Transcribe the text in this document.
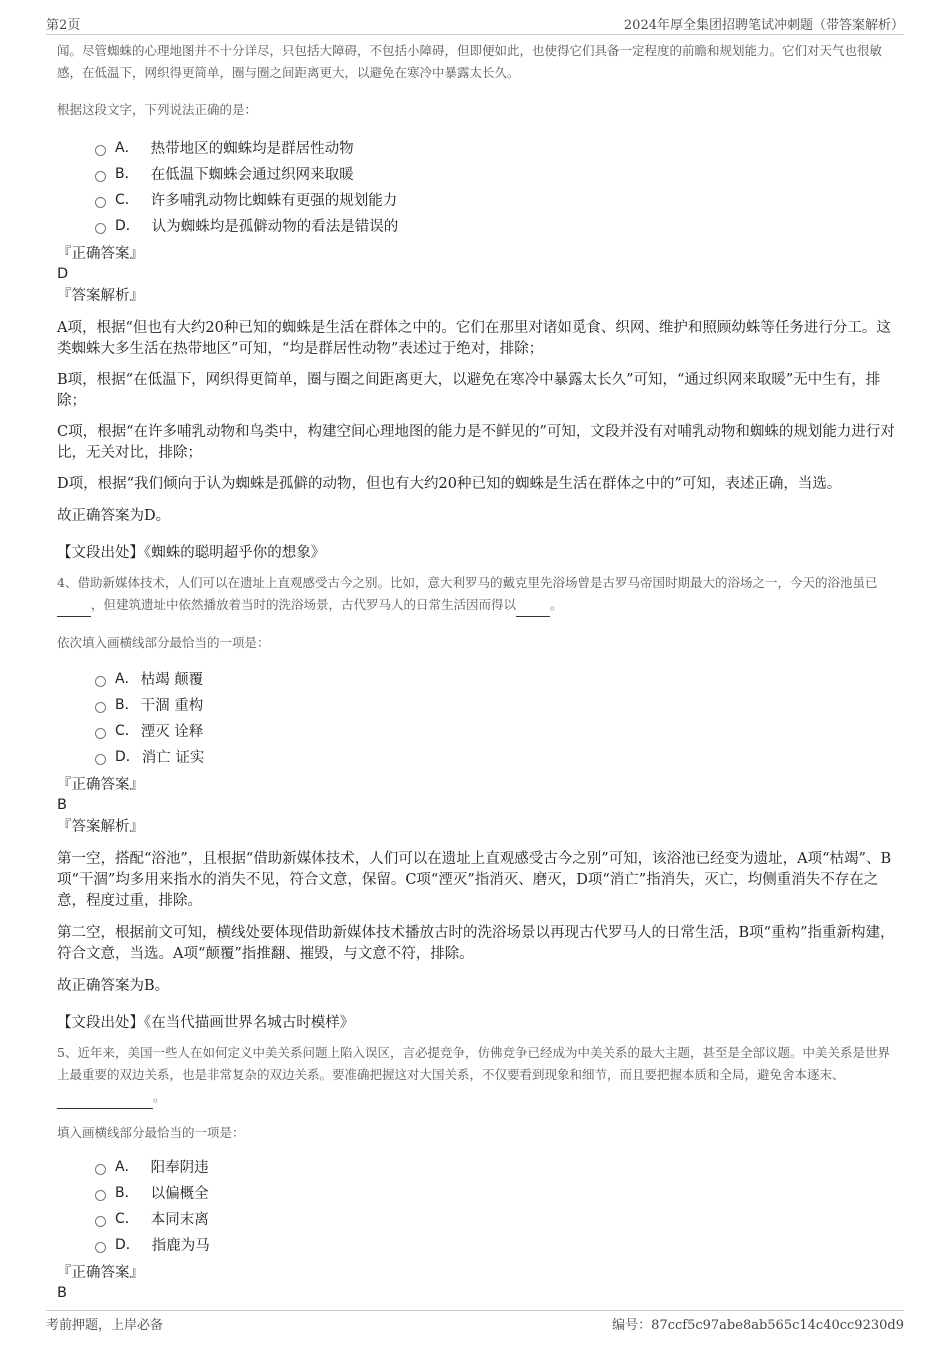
第2页	2024年厚全集团招聘笔试冲刺题（带答案解析）

闻。尽管蜘蛛的心理地图并不十分详尽，只包括大障碍，不包括小障碍，但即便如此，也使得它们具备一定程度的前瞻和规划能力。它们对天气也很敏感，在低温下，网织得更简单，圈与圈之间距离更大，以避免在寒冷中暴露太长久。

根据这段文字，下列说法正确的是：

A． 热带地区的蜘蛛均是群居性动物
B． 在低温下蜘蛛会通过织网来取暖
C． 许多哺乳动物比蜘蛛有更强的规划能力
D． 认为蜘蛛均是孤僻动物的看法是错误的

『正确答案』

D

『答案解析』

A项，根据“但也有大约20种已知的蜘蛛是生活在群体之中的。它们在那里对诸如觅食、织网、维护和照顾幼蛛等任务进行分工。这类蜘蛛大多生活在热带地区”可知，“均是群居性动物”表述过于绝对，排除；

B项，根据“在低温下，网织得更简单，圈与圈之间距离更大，以避免在寒冷中暴露太长久”可知，“通过织网来取暖”无中生有，排除；

C项，根据“在许多哺乳动物和鸟类中，构建空间心理地图的能力是不鲜见的”可知，文段并没有对哺乳动物和蜘蛛的规划能力进行对比，无关对比，排除；

D项，根据“我们倾向于认为蜘蛛是孤僻的动物，但也有大约20种已知的蜘蛛是生活在群体之中的”可知，表述正确，当选。

故正确答案为D。

【文段出处】《蜘蛛的聪明超乎你的想象》

4、借助新媒体技术，人们可以在遗址上直观感受古今之别。比如，意大利罗马的戴克里先浴场曾是古罗马帝国时期最大的浴场之一，今天的浴池虽已 ，但建筑遗址中依然播放着当时的洗浴场景，古代罗马人的日常生活因而得以	。

依次填入画横线部分最恰当的一项是：

A． 枯竭 颠覆
B． 干涸 重构
C． 湮灭 诠释
D． 消亡 证实

『正确答案』

B

『答案解析』

第一空，搭配“浴池”，且根据“借助新媒体技术，人们可以在遗址上直观感受古今之别”可知，该浴池已经变为遗址，A项“枯竭”、B项“干涸”均多用来指水的消失不见，符合文意，保留。C项“湮灭”指消灭、磨灭，D项“消亡”指消失，灭亡，均侧重消失不存在之意，程度过重，排除。

第二空，根据前文可知，横线处要体现借助新媒体技术播放古时的洗浴场景以再现古代罗马人的日常生活，B项“重构”指重新构建，符合文意，当选。A项“颠覆”指推翻、摧毁，与文意不符，排除。

故正确答案为B。

【文段出处】《在当代描画世界名城古时模样》

5、近年来，美国一些人在如何定义中美关系问题上陷入误区，言必提竞争，仿佛竞争已经成为中美关系的最大主题，甚至是全部议题。中美关系是世界上最重要的双边关系，也是非常复杂的双边关系。要准确把握这对大国关系，不仅要看到现象和细节，而且要把握本质和全局，避免舍本逐末、 。

填入画横线部分最恰当的一项是：

A． 阳奉阴违
B． 以偏概全
C． 本同末离
D． 指鹿为马

『正确答案』

B

考前押题，上岸必备	编号：87ccf5c97abe8ab565c14c40cc9230d9
